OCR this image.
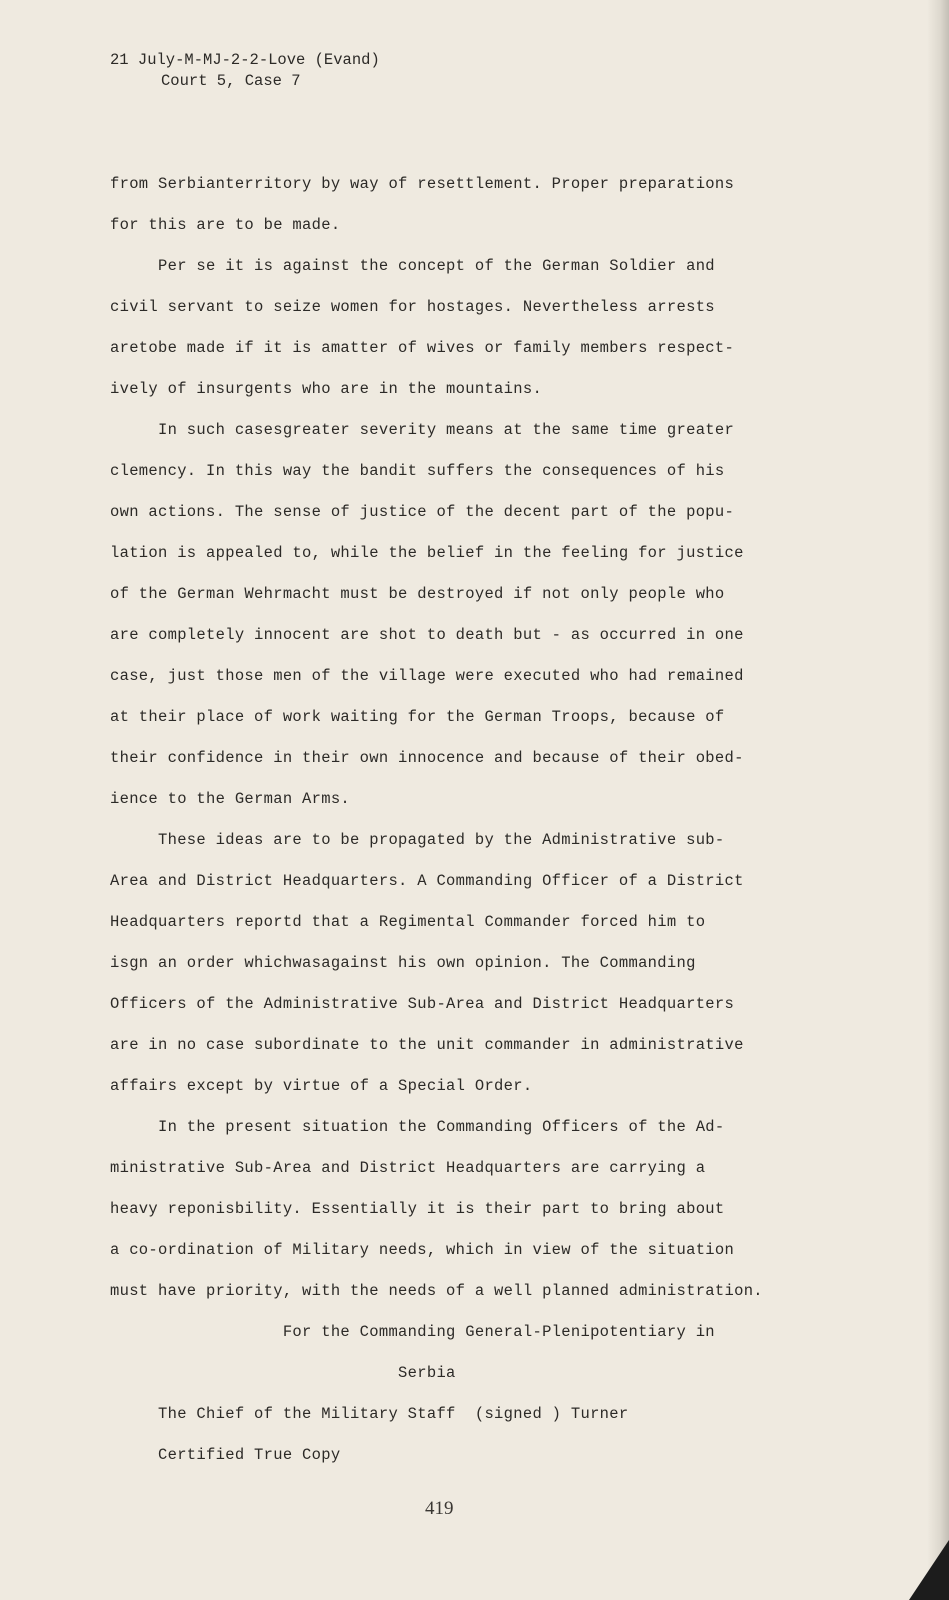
21 July-M-MJ-2-2-Love (Evand)
Court 5, Case 7
from Serbianterritory by way of resettlement. Proper preparations
for this are to be made.
Per se it is against the concept of the German Soldier and
civil servant to seize women for hostages. Nevertheless arrests
aretobe made if it is amatter of wives or family members respect-
ively of insurgents who are in the mountains.
In such casesgreater severity means at the same time greater
clemency. In this way the bandit suffers the consequences of his
own actions. The sense of justice of the decent part of the popu-
lation is appealed to, while the belief in the feeling for justice
of the German Wehrmacht must be destroyed if not only people who
are completely innocent are shot to death but - as occurred in one
case, just those men of the village were executed who had remained
at their place of work waiting for the German Troops, because of
their confidence in their own innocence and because of their obed-
ience to the German Arms.
These ideas are to be propagated by the Administrative sub-
Area and District Headquarters. A Commanding Officer of a District
Headquarters reportd that a Regimental Commander forced him to
isgn an order whichwasagainst his own opinion. The Commanding
Officers of the Administrative Sub-Area and District Headquarters
are in no case subordinate to the unit commander in administrative
affairs except by virtue of a Special Order.
In the present situation the Commanding Officers of the Ad-
ministrative Sub-Area and District Headquarters are carrying a
heavy reponisbility. Essentially it is their part to bring about
a co-ordination of Military needs, which in view of the situation
must have priority, with the needs of a well planned administration.
For the Commanding General-Plenipotentiary in
Serbia
The Chief of the Military Staff  (signed ) Turner
Certified True Copy
419
